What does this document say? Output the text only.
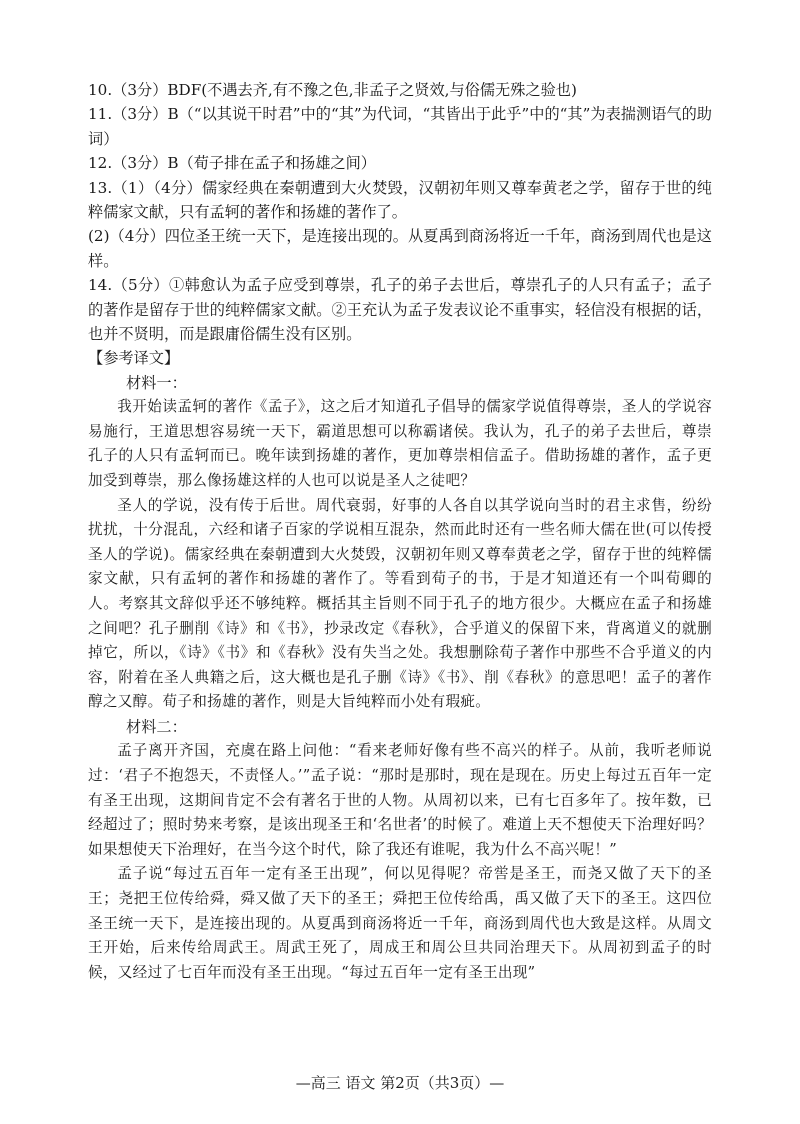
10.（3分）BDF(不遇去齐,有不豫之色,非孟子之贤效,与俗儒无殊之验也)

11.（3分）B（“以其说干时君”中的“其”为代词，“其皆出于此乎”中的“其”为表揣测语气的助词）

12.（3分）B（荀子排在孟子和扬雄之间）

13.（1）（4分）儒家经典在秦朝遭到大火焚毁，汉朝初年则又尊奉黄老之学，留存于世的纯粹儒家文献，只有孟轲的著作和扬雄的著作了。

(2)（4分）四位圣王统一天下，是连接出现的。从夏禹到商汤将近一千年，商汤到周代也是这样。

14.（5分）①韩愈认为孟子应受到尊崇，孔子的弟子去世后，尊崇孔子的人只有孟子；孟子的著作是留存于世的纯粹儒家文献。②王充认为孟子发表议论不重事实，轻信没有根据的话，也并不贤明，而是跟庸俗儒生没有区别。

【参考译文】

材料一：

我开始读孟轲的著作《孟子》，这之后才知道孔子倡导的儒家学说值得尊崇，圣人的学说容易施行，王道思想容易统一天下，霸道思想可以称霸诸侯。我认为，孔子的弟子去世后，尊崇孔子的人只有孟轲而已。晚年读到扬雄的著作，更加尊崇相信孟子。借助扬雄的著作，孟子更加受到尊崇，那么像扬雄这样的人也可以说是圣人之徒吧？

圣人的学说，没有传于后世。周代衰弱，好事的人各自以其学说向当时的君主求售，纷纷扰扰，十分混乱，六经和诸子百家的学说相互混杂，然而此时还有一些名师大儒在世(可以传授圣人的学说)。儒家经典在秦朝遭到大火焚毁，汉朝初年则又尊奉黄老之学，留存于世的纯粹儒家文献，只有孟轲的著作和扬雄的著作了。等看到荀子的书，于是才知道还有一个叫荀卿的人。考察其文辞似乎还不够纯粹。概括其主旨则不同于孔子的地方很少。大概应在孟子和扬雄之间吧？孔子删削《诗》和《书》，抄录改定《春秋》，合乎道义的保留下来，背离道义的就删掉它，所以，《诗》《书》和《春秋》没有失当之处。我想删除荀子著作中那些不合乎道义的内容，附着在圣人典籍之后，这大概也是孔子删《诗》《书》、削《春秋》的意思吧！孟子的著作醇之又醇。荀子和扬雄的著作，则是大旨纯粹而小处有瑕疵。

材料二：

孟子离开齐国，充虞在路上问他：“看来老师好像有些不高兴的样子。从前，我听老师说过：‘君子不抱怨天，不责怪人。’”孟子说：“那时是那时，现在是现在。历史上每过五百年一定有圣王出现，这期间肯定不会有著名于世的人物。从周初以来，已有七百多年了。按年数，已经超过了；照时势来考察，是该出现圣王和‘名世者’的时候了。难道上天不想使天下治理好吗？如果想使天下治理好，在当今这个时代，除了我还有谁呢，我为什么不高兴呢！”

孟子说“每过五百年一定有圣王出现”，何以见得呢？帝喾是圣王，而尧又做了天下的圣王；尧把王位传给舜，舜又做了天下的圣王；舜把王位传给禹，禹又做了天下的圣王。这四位圣王统一天下，是连接出现的。从夏禹到商汤将近一千年，商汤到周代也大致是这样。从周文王开始，后来传给周武王。周武王死了，周成王和周公旦共同治理天下。从周初到孟子的时候，又经过了七百年而没有圣王出现。“每过五百年一定有圣王出现”

—高三 语文 第2页（共3页）—
